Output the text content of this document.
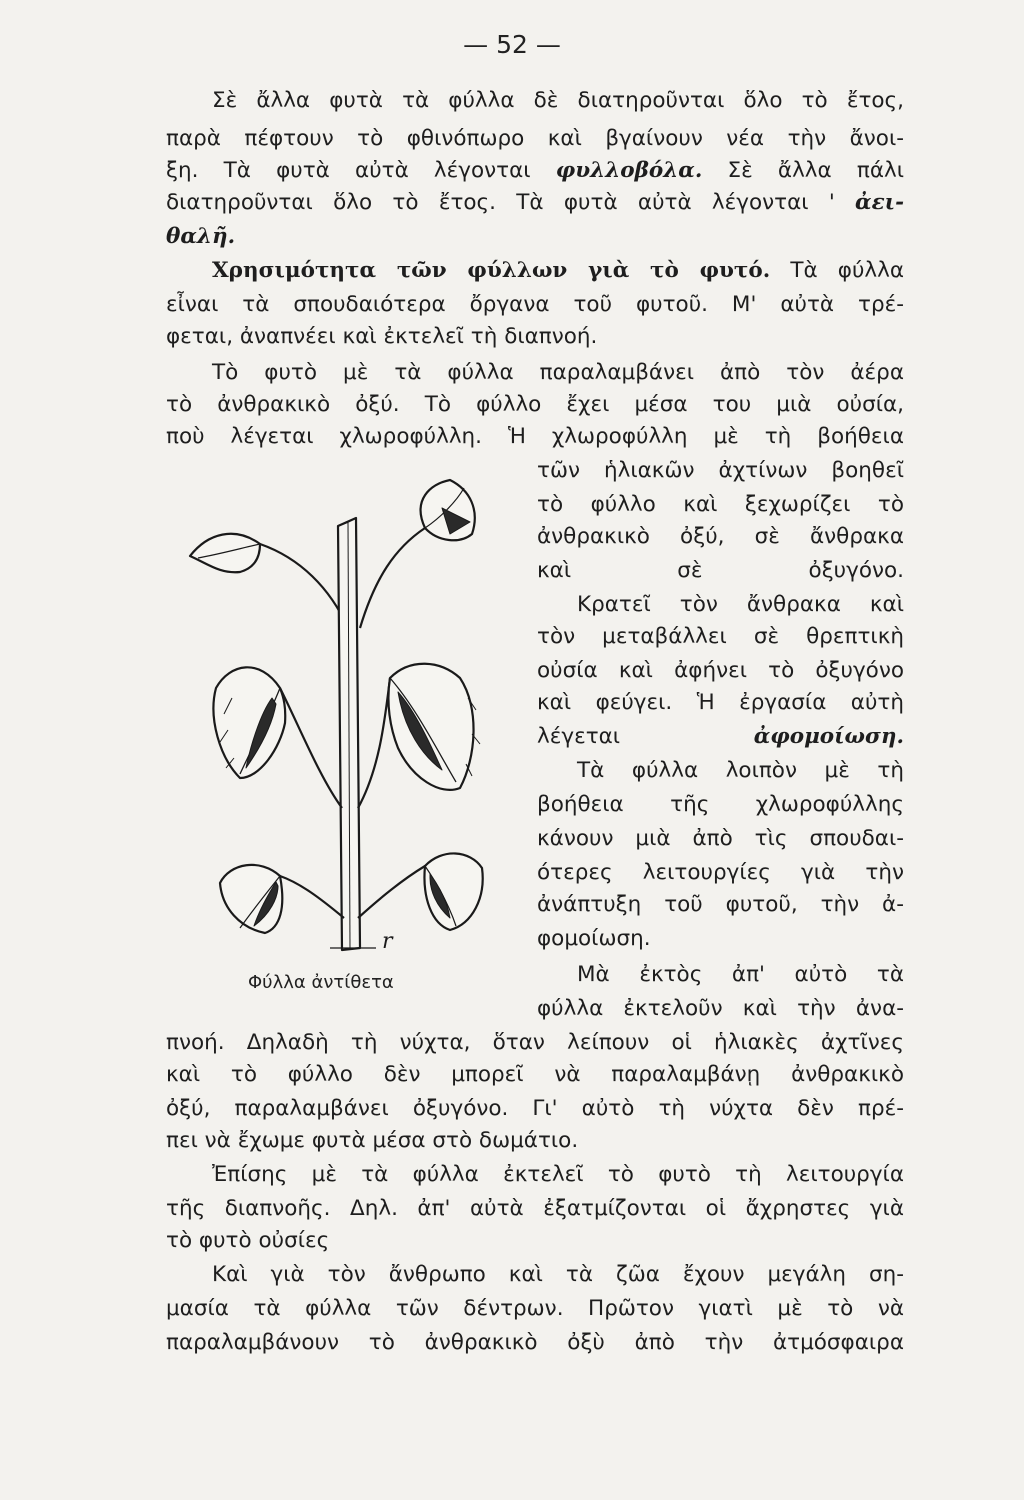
— 52 —
Σὲ ἄλλα φυτὰ τὰ φύλλα δὲ διατηροῦνται ὅλο τὸ ἔτος,
παρὰ πέφτουν τὸ φθινόπωρο καὶ βγαίνουν νέα τὴν ἄνοι-
ξη. Τὰ φυτὰ αὐτὰ λέγονται φυλλοβόλα. Σὲ ἄλλα πάλι
διατηροῦνται ὅλο τὸ ἔτος. Τὰ φυτὰ αὐτὰ λέγονται ' ἀει-
θαλῆ.
Χρησιμότητα τῶν φύλλων γιὰ τὸ φυτό. Τὰ φύλλα
εἶναι τὰ σπουδαιότερα ὄργανα τοῦ φυτοῦ. Μ' αὐτὰ τρέ-
φεται, ἀναπνέει καὶ ἐκτελεῖ τὴ διαπνοή.
Τὸ φυτὸ μὲ τὰ φύλλα παραλαμβάνει ἀπὸ τὸν ἀέρα
τὸ ἀνθρακικὸ ὀξύ. Τὸ φύλλο ἔχει μέσα του μιὰ οὐσία,
ποὺ λέγεται χλωροφύλλη. Ἡ χλωροφύλλη μὲ τὴ βοήθεια
τῶν ἡλιακῶν ἀχτίνων βοηθεῖ
τὸ φύλλο καὶ ξεχωρίζει τὸ
ἀνθρακικὸ ὀξύ, σὲ ἄνθρακα
καὶ σὲ ὀξυγόνο.
Κρατεῖ τὸν ἄνθρακα καὶ
τὸν μεταβάλλει σὲ θρεπτικὴ
οὐσία καὶ ἀφήνει τὸ ὀξυγόνο
καὶ φεύγει. Ἡ ἐργασία αὐτὴ
λέγεται ἀφομοίωση.
Τὰ φύλλα λοιπὸν μὲ τὴ
βοήθεια τῆς χλωροφύλλης
κάνουν μιὰ ἀπὸ τὶς σπουδαι-
ότερες λειτουργίες γιὰ τὴν
ἀνάπτυξη τοῦ φυτοῦ, τὴν ἀ-
φομοίωση.
Μὰ ἐκτὸς ἀπ' αὐτὸ τὰ
φύλλα ἐκτελοῦν καὶ τὴν ἀνα-
πνοή. Δηλαδὴ τὴ νύχτα, ὅταν λείπουν οἱ ἡλιακὲς ἀχτῖνες
καὶ τὸ φύλλο δὲν μπορεῖ νὰ παραλαμβάνῃ ἀνθρακικὸ
ὀξύ, παραλαμβάνει ὀξυγόνο. Γι' αὐτὸ τὴ νύχτα δὲν πρέ-
πει νὰ ἔχωμε φυτὰ μέσα στὸ δωμάτιο.
Ἐπίσης μὲ τὰ φύλλα ἐκτελεῖ τὸ φυτὸ τὴ λειτουργία
τῆς διαπνοῆς. Δηλ. ἀπ' αὐτὰ ἐξατμίζονται οἱ ἄχρηστες γιὰ
τὸ φυτὸ οὐσίες
Καὶ γιὰ τὸν ἄνθρωπο καὶ τὰ ζῶα ἔχουν μεγάλη ση-
μασία τὰ φύλλα τῶν δέντρων. Πρῶτον γιατὶ μὲ τὸ νὰ
παραλαμβάνουν τὸ ἀνθρακικὸ ὀξὺ ἀπὸ τὴν ἀτμόσφαιρα
r
Φύλλα ἀντίθετα
